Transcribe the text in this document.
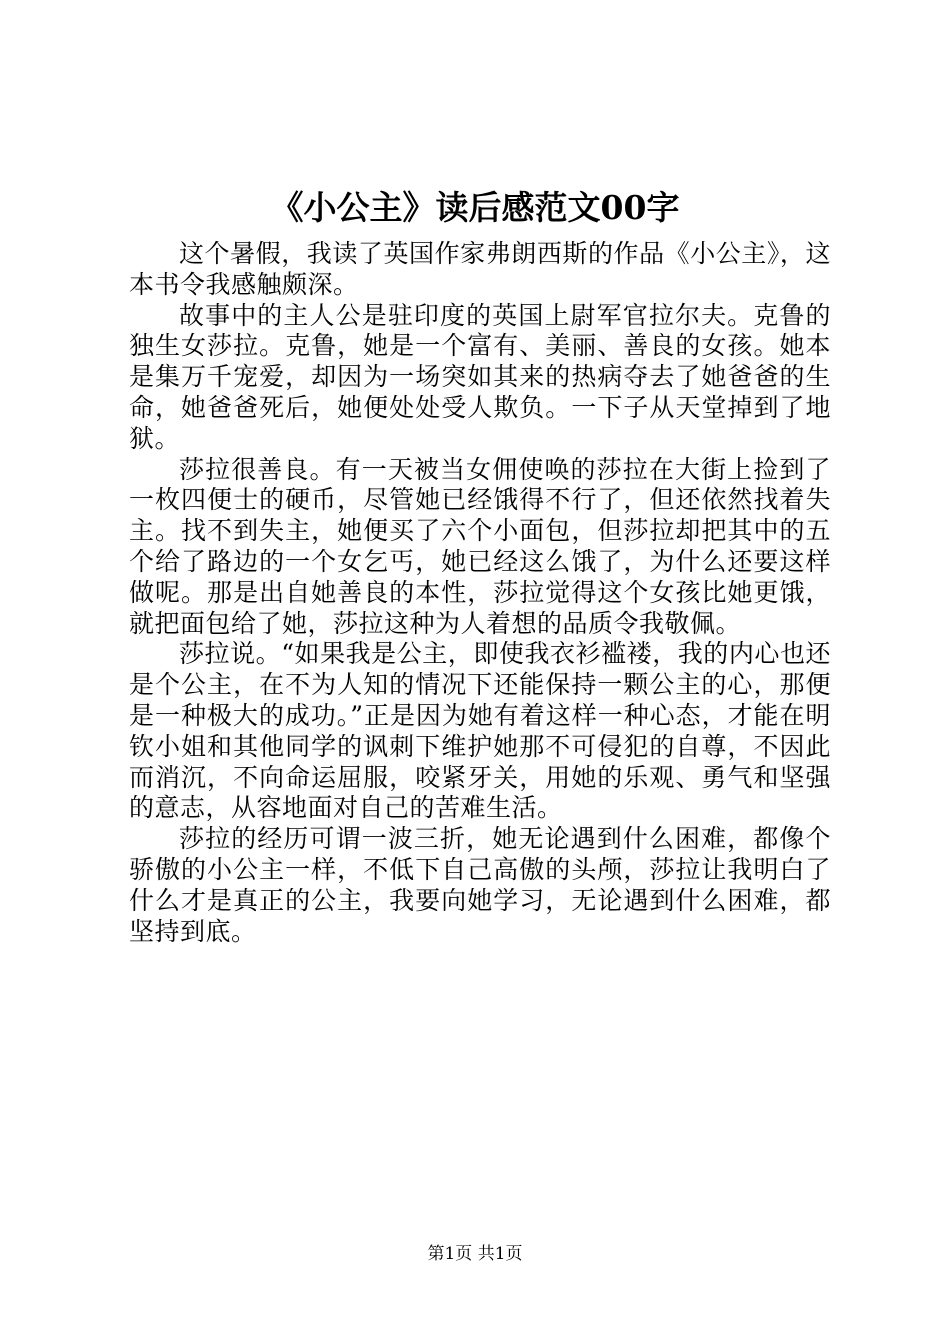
《小公主》读后感范文00字

这个暑假，我读了英国作家弗朗西斯的作品《小公主》，这本书令我感触颇深。

故事中的主人公是驻印度的英国上尉军官拉尔夫。克鲁的独生女莎拉。克鲁，她是一个富有、美丽、善良的女孩。她本是集万千宠爱，却因为一场突如其来的热病夺去了她爸爸的生命，她爸爸死后，她便处处受人欺负。一下子从天堂掉到了地狱。

莎拉很善良。有一天被当女佣使唤的莎拉在大街上捡到了一枚四便士的硬币，尽管她已经饿得不行了，但还依然找着失主。找不到失主，她便买了六个小面包，但莎拉却把其中的五个给了路边的一个女乞丐，她已经这么饿了，为什么还要这样做呢。那是出自她善良的本性，莎拉觉得这个女孩比她更饿，就把面包给了她，莎拉这种为人着想的品质令我敬佩。

莎拉说。“如果我是公主，即使我衣衫褴褛，我的内心也还是个公主，在不为人知的情况下还能保持一颗公主的心，那便是一种极大的成功。”正是因为她有着这样一种心态，才能在明钦小姐和其他同学的讽刺下维护她那不可侵犯的自尊，不因此而消沉，不向命运屈服，咬紧牙关，用她的乐观、勇气和坚强的意志，从容地面对自己的苦难生活。

莎拉的经历可谓一波三折，她无论遇到什么困难，都像个骄傲的小公主一样，不低下自己高傲的头颅，莎拉让我明白了什么才是真正的公主，我要向她学习，无论遇到什么困难，都坚持到底。

第1页 共1页
